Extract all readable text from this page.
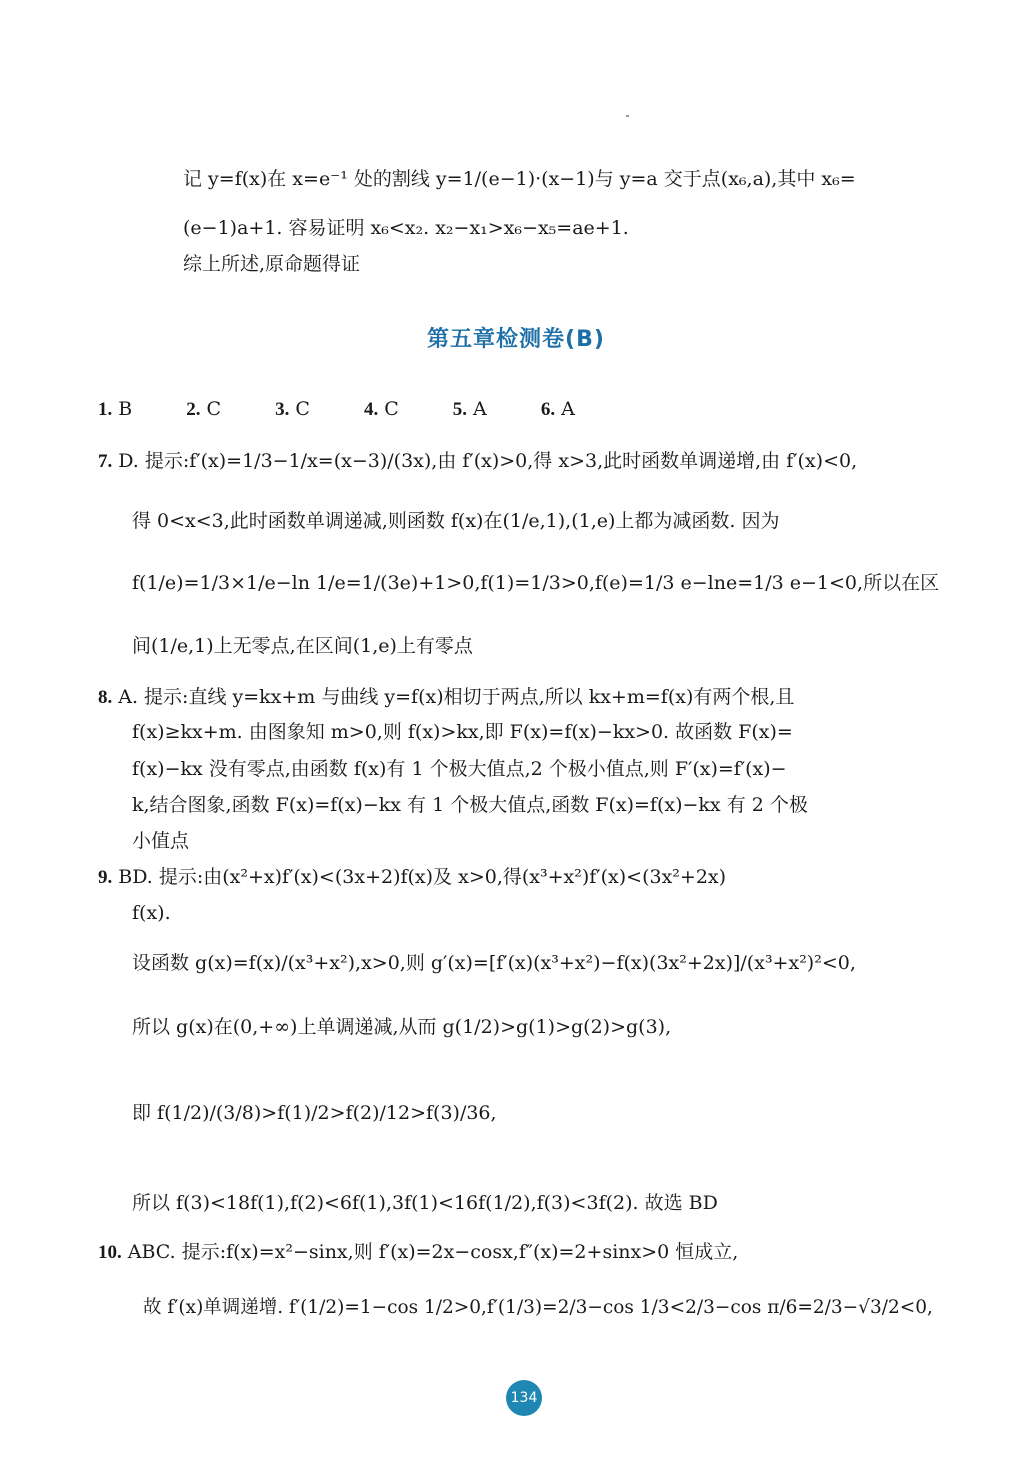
记 y=f(x)在 x=e⁻¹ 处的割线 y=1/(e−1)·(x−1)与 y=a 交于点(x₆,a),其中 x₆=
(e−1)a+1. 容易证明 x₆<x₂. x₂−x₁>x₆−x₅=ae+1.
综上所述,原命题得证
第五章检测卷(B)
1. B	2. C	3. C	4. C	5. A	6. A
7. D. 提示:f′(x)=1/3−1/x=(x−3)/(3x),由 f′(x)>0,得 x>3,此时函数单调递增,由 f′(x)<0,
得 0<x<3,此时函数单调递减,则函数 f(x)在(1/e,1),(1,e)上都为减函数. 因为
f(1/e)=1/3×1/e−ln 1/e=1/(3e)+1>0,f(1)=1/3>0,f(e)=1/3 e−lne=1/3 e−1<0,所以在区
间(1/e,1)上无零点,在区间(1,e)上有零点
8. A. 提示:直线 y=kx+m 与曲线 y=f(x)相切于两点,所以 kx+m=f(x)有两个根,且
f(x)≥kx+m. 由图象知 m>0,则 f(x)>kx,即 F(x)=f(x)−kx>0. 故函数 F(x)=
f(x)−kx 没有零点,由函数 f(x)有 1 个极大值点,2 个极小值点,则 F′(x)=f′(x)−
k,结合图象,函数 F(x)=f(x)−kx 有 1 个极大值点,函数 F(x)=f(x)−kx 有 2 个极
小值点
9. BD. 提示:由(x²+x)f′(x)<(3x+2)f(x)及 x>0,得(x³+x²)f′(x)<(3x²+2x)
f(x).
设函数 g(x)=f(x)/(x³+x²),x>0,则 g′(x)=[f′(x)(x³+x²)−f(x)(3x²+2x)]/(x³+x²)²<0,
所以 g(x)在(0,+∞)上单调递减,从而 g(1/2)>g(1)>g(2)>g(3),
即 f(1/2)/(3/8)>f(1)/2>f(2)/12>f(3)/36,
所以 f(3)<18f(1),f(2)<6f(1),3f(1)<16f(1/2),f(3)<3f(2). 故选 BD
10. ABC. 提示:f(x)=x²−sinx,则 f′(x)=2x−cosx,f″(x)=2+sinx>0 恒成立,
故 f′(x)单调递增. f′(1/2)=1−cos 1/2>0,f′(1/3)=2/3−cos 1/3<2/3−cos π/6=2/3−√3/2<0,
134
